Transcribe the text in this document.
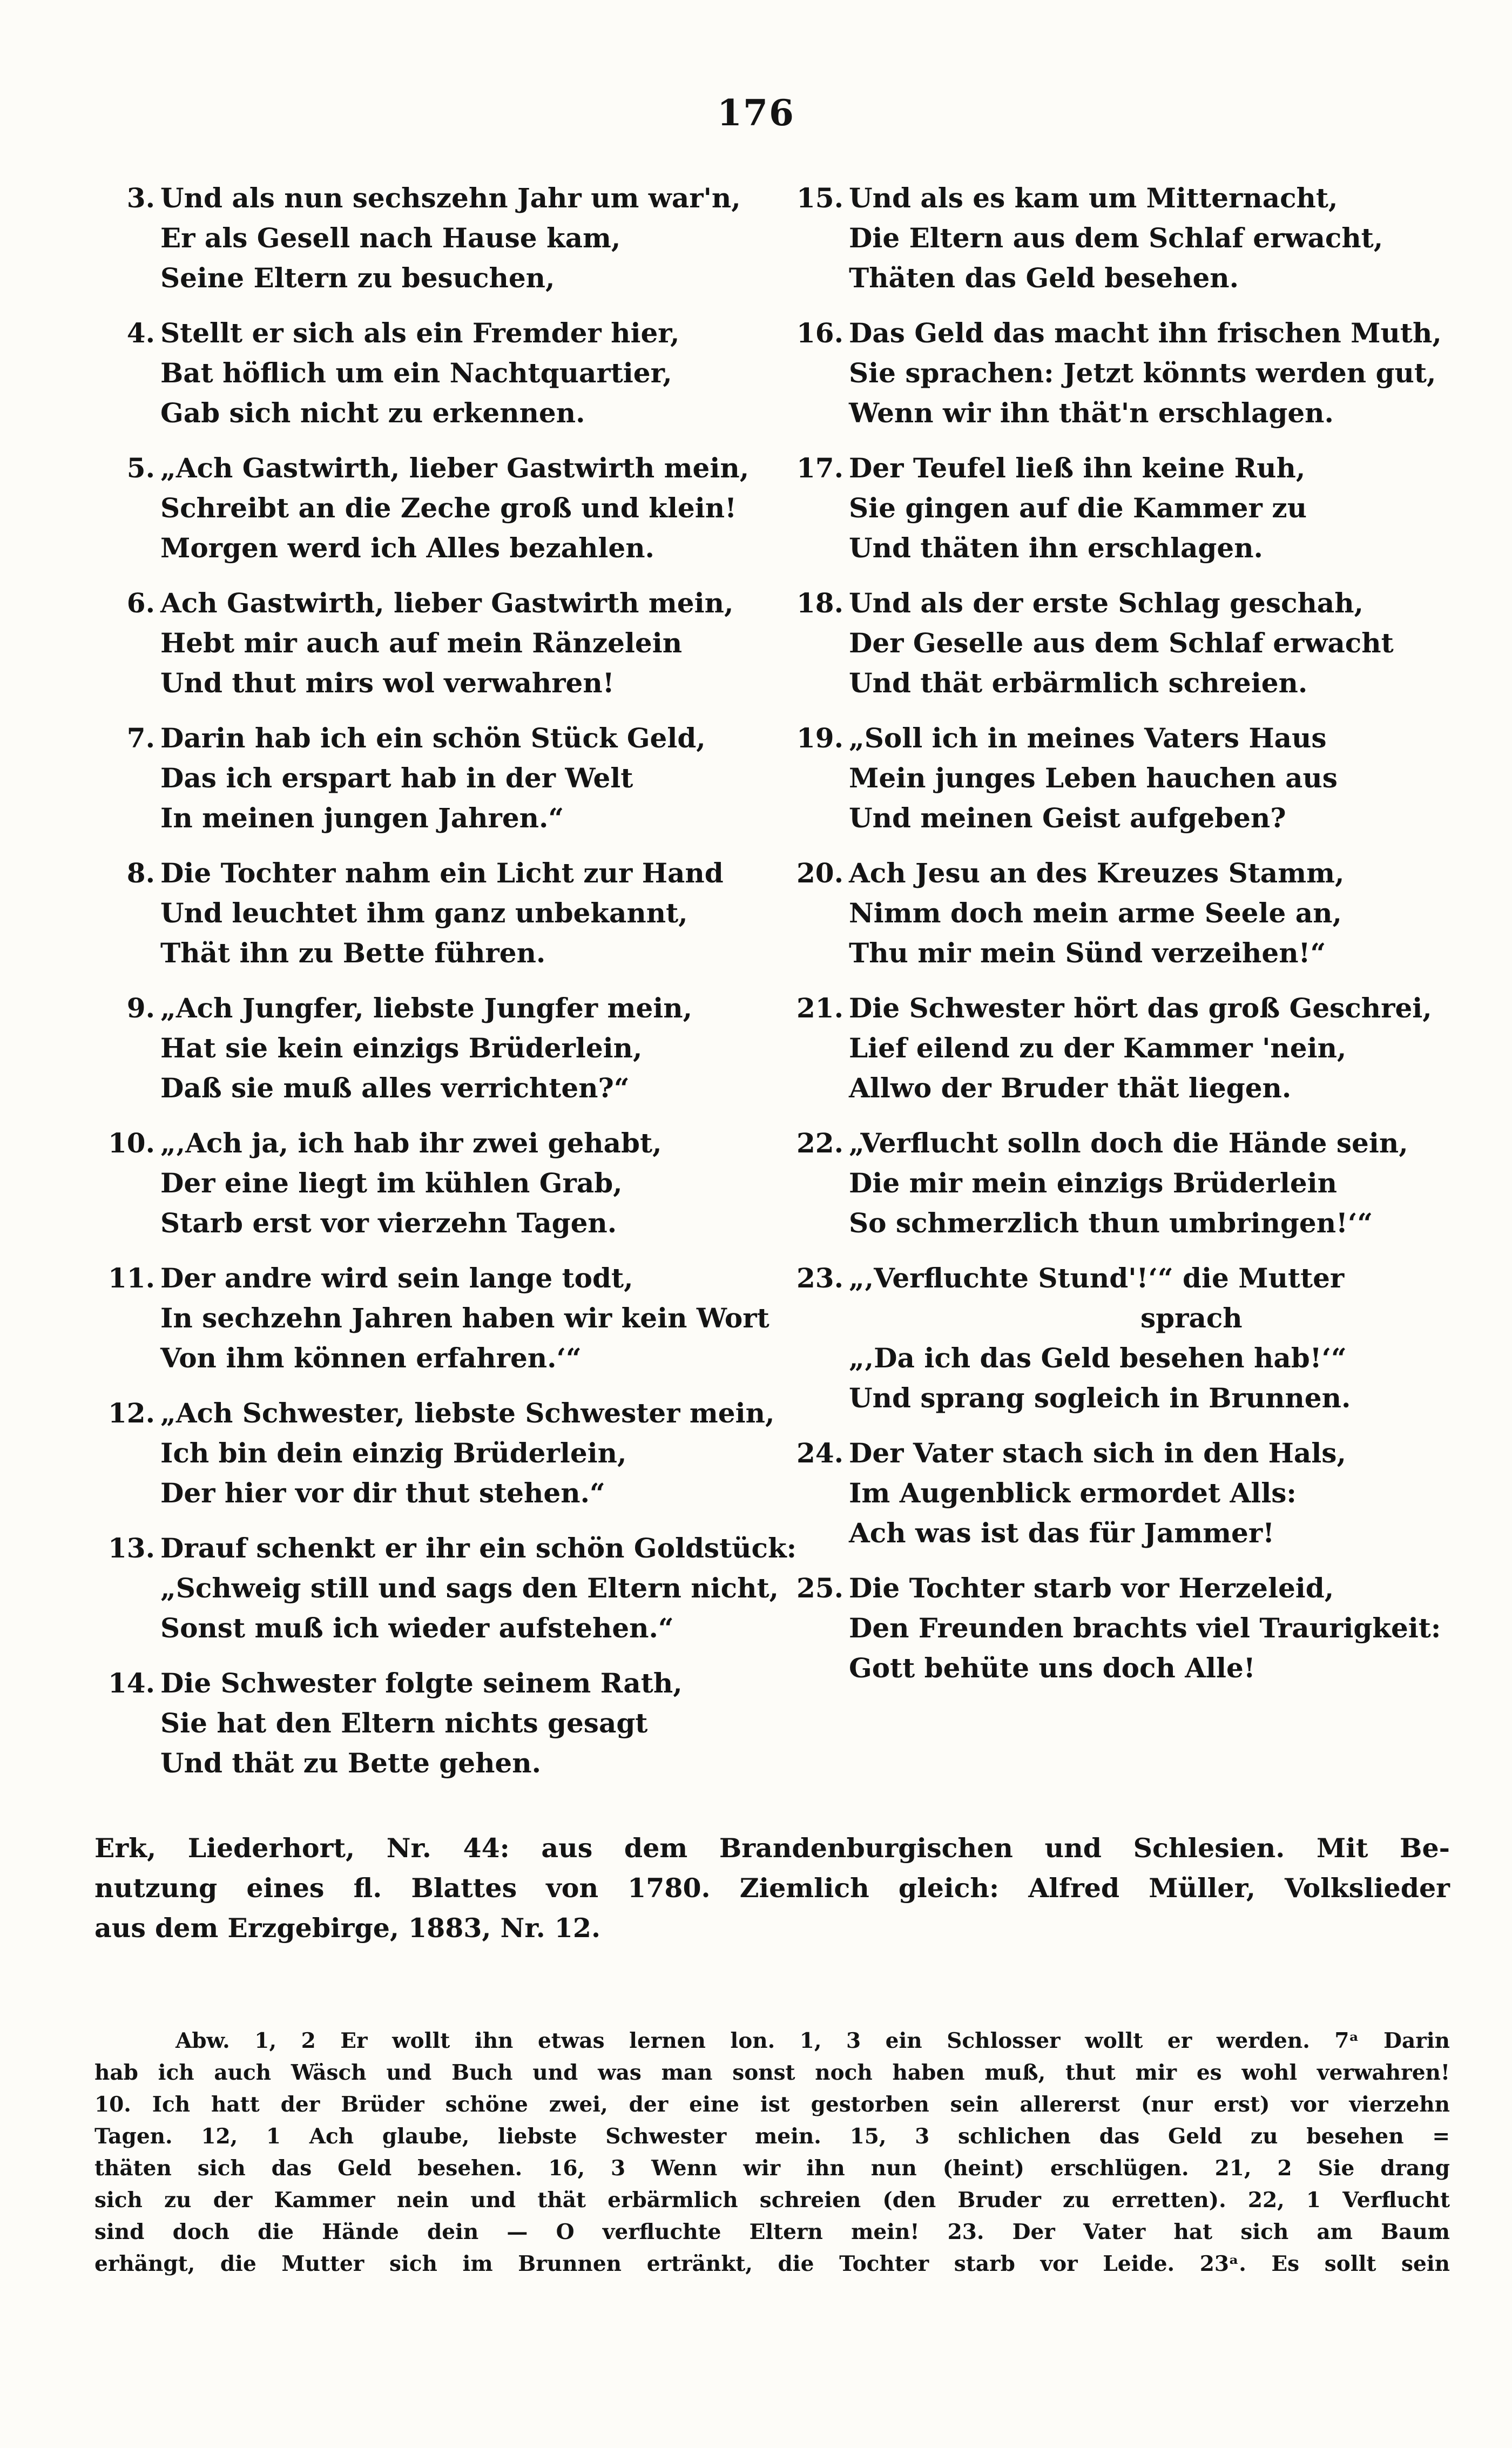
176
3. Und als nun sechszehn Jahr um war'n,
Er als Gesell nach Hause kam,
Seine Eltern zu besuchen,
4. Stellt er sich als ein Fremder hier,
Bat höflich um ein Nachtquartier,
Gab sich nicht zu erkennen.
5. „Ach Gastwirth, lieber Gastwirth mein,
Schreibt an die Zeche groß und klein!
Morgen werd ich Alles bezahlen.
6. Ach Gastwirth, lieber Gastwirth mein,
Hebt mir auch auf mein Ränzelein
Und thut mirs wol verwahren!
7. Darin hab ich ein schön Stück Geld,
Das ich erspart hab in der Welt
In meinen jungen Jahren.“
8. Die Tochter nahm ein Licht zur Hand
Und leuchtet ihm ganz unbekannt,
Thät ihn zu Bette führen.
9. „Ach Jungfer, liebste Jungfer mein,
Hat sie kein einzigs Brüderlein,
Daß sie muß alles verrichten?“
10. „‚Ach ja, ich hab ihr zwei gehabt,
Der eine liegt im kühlen Grab,
Starb erst vor vierzehn Tagen.
11. Der andre wird sein lange todt,
In sechzehn Jahren haben wir kein Wort
Von ihm können erfahren.‘“
12. „Ach Schwester, liebste Schwester mein,
Ich bin dein einzig Brüderlein,
Der hier vor dir thut stehen.“
13. Drauf schenkt er ihr ein schön Goldstück:
„Schweig still und sags den Eltern nicht,
Sonst muß ich wieder aufstehen.“
14. Die Schwester folgte seinem Rath,
Sie hat den Eltern nichts gesagt
Und thät zu Bette gehen.
15. Und als es kam um Mitternacht,
Die Eltern aus dem Schlaf erwacht,
Thäten das Geld besehen.
16. Das Geld das macht ihn frischen Muth,
Sie sprachen: Jetzt könnts werden gut,
Wenn wir ihn thät'n erschlagen.
17. Der Teufel ließ ihn keine Ruh,
Sie gingen auf die Kammer zu
Und thäten ihn erschlagen.
18. Und als der erste Schlag geschah,
Der Geselle aus dem Schlaf erwacht
Und thät erbärmlich schreien.
19. „Soll ich in meines Vaters Haus
Mein junges Leben hauchen aus
Und meinen Geist aufgeben?
20. Ach Jesu an des Kreuzes Stamm,
Nimm doch mein arme Seele an,
Thu mir mein Sünd verzeihen!“
21. Die Schwester hört das groß Geschrei,
Lief eilend zu der Kammer 'nein,
Allwo der Bruder thät liegen.
22. „Verflucht solln doch die Hände sein,
Die mir mein einzigs Brüderlein
So schmerzlich thun umbringen!‘“
23. „‚Verfluchte Stund'!‘“ die Mutter
sprach
„‚Da ich das Geld besehen hab!‘“
Und sprang sogleich in Brunnen.
24. Der Vater stach sich in den Hals,
Im Augenblick ermordet Alls:
Ach was ist das für Jammer!
25. Die Tochter starb vor Herzeleid,
Den Freunden brachts viel Traurigkeit:
Gott behüte uns doch Alle!
Erk, Liederhort, Nr. 44: aus dem Brandenburgischen und Schlesien. Mit Be-
nutzung eines fl. Blattes von 1780. Ziemlich gleich: Alfred Müller, Volkslieder
aus dem Erzgebirge, 1883, Nr. 12.
Abw. 1, 2 Er wollt ihn etwas lernen lon. 1, 3 ein Schlosser wollt er werden. 7ᵃ Darin
hab ich auch Wäsch und Buch und was man sonst noch haben muß, thut mir es wohl verwahren!
10. Ich hatt der Brüder schöne zwei, der eine ist gestorben sein allererst (nur erst) vor vierzehn
Tagen. 12, 1 Ach glaube, liebste Schwester mein. 15, 3 schlichen das Geld zu besehen =
thäten sich das Geld besehen. 16, 3 Wenn wir ihn nun (heint) erschlügen. 21, 2 Sie drang
sich zu der Kammer nein und thät erbärmlich schreien (den Bruder zu erretten). 22, 1 Verflucht
sind doch die Hände dein — O verfluchte Eltern mein! 23. Der Vater hat sich am Baum
erhängt, die Mutter sich im Brunnen ertränkt, die Tochter starb vor Leide. 23ᵃ. Es sollt sein
